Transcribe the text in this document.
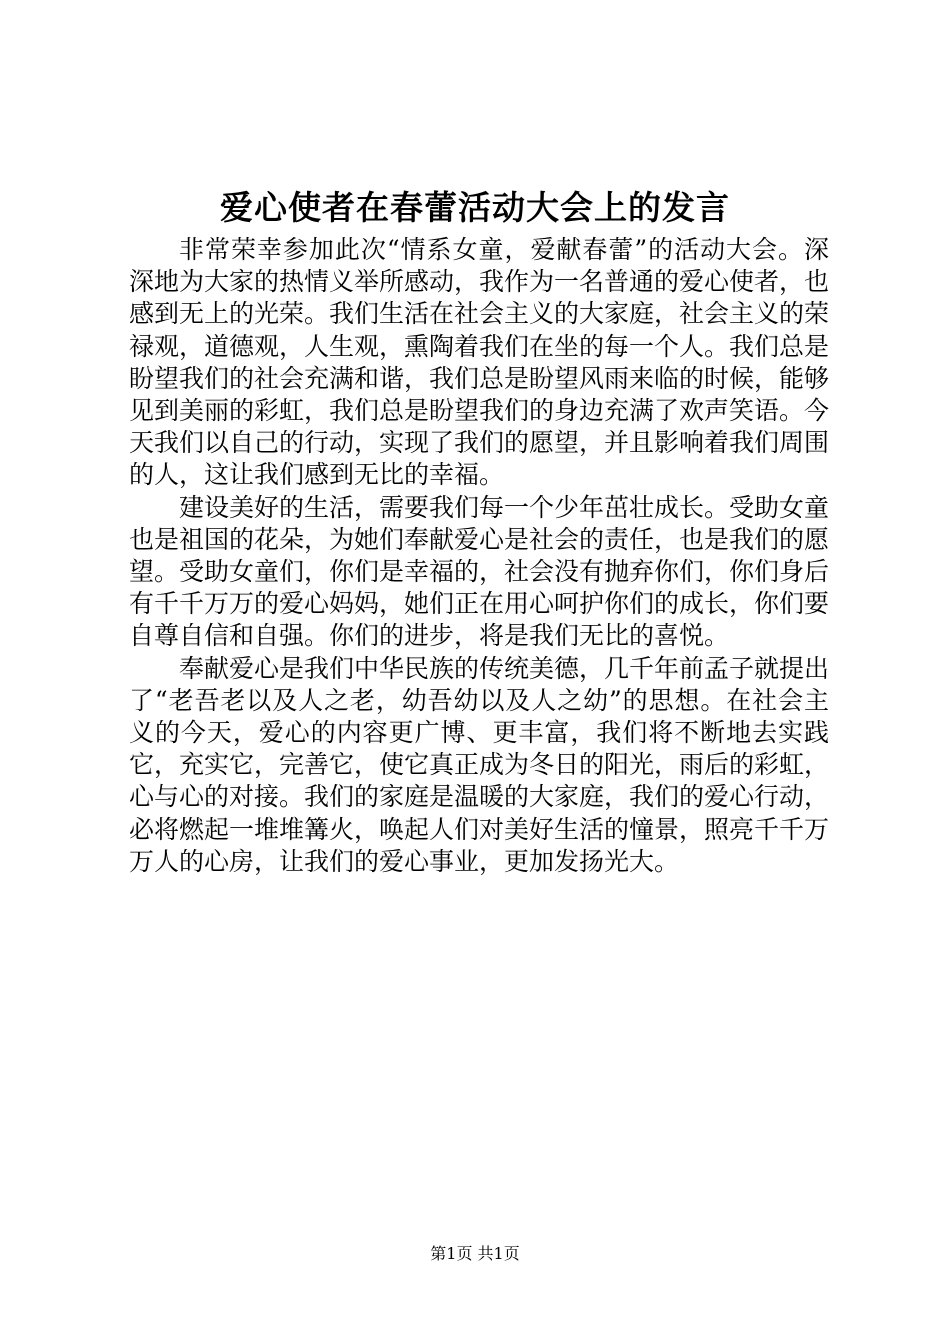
爱心使者在春蕾活动大会上的发言

非常荣幸参加此次“情系女童，爱献春蕾”的活动大会。深深地为大家的热情义举所感动，我作为一名普通的爱心使者，也感到无上的光荣。我们生活在社会主义的大家庭，社会主义的荣禄观，道德观，人生观，熏陶着我们在坐的每一个人。我们总是盼望我们的社会充满和谐，我们总是盼望风雨来临的时候，能够见到美丽的彩虹，我们总是盼望我们的身边充满了欢声笑语。今天我们以自己的行动，实现了我们的愿望，并且影响着我们周围的人，这让我们感到无比的幸福。

建设美好的生活，需要我们每一个少年茁壮成长。受助女童也是祖国的花朵，为她们奉献爱心是社会的责任，也是我们的愿望。受助女童们，你们是幸福的，社会没有抛弃你们，你们身后有千千万万的爱心妈妈，她们正在用心呵护你们的成长，你们要自尊自信和自强。你们的进步，将是我们无比的喜悦。

奉献爱心是我们中华民族的传统美德，几千年前孟子就提出了“老吾老以及人之老，幼吾幼以及人之幼”的思想。在社会主义的今天，爱心的内容更广博、更丰富，我们将不断地去实践它，充实它，完善它，使它真正成为冬日的阳光，雨后的彩虹，心与心的对接。我们的家庭是温暖的大家庭，我们的爱心行动，必将燃起一堆堆篝火，唤起人们对美好生活的憧景，照亮千千万万人的心房，让我们的爱心事业，更加发扬光大。

第1页 共1页
